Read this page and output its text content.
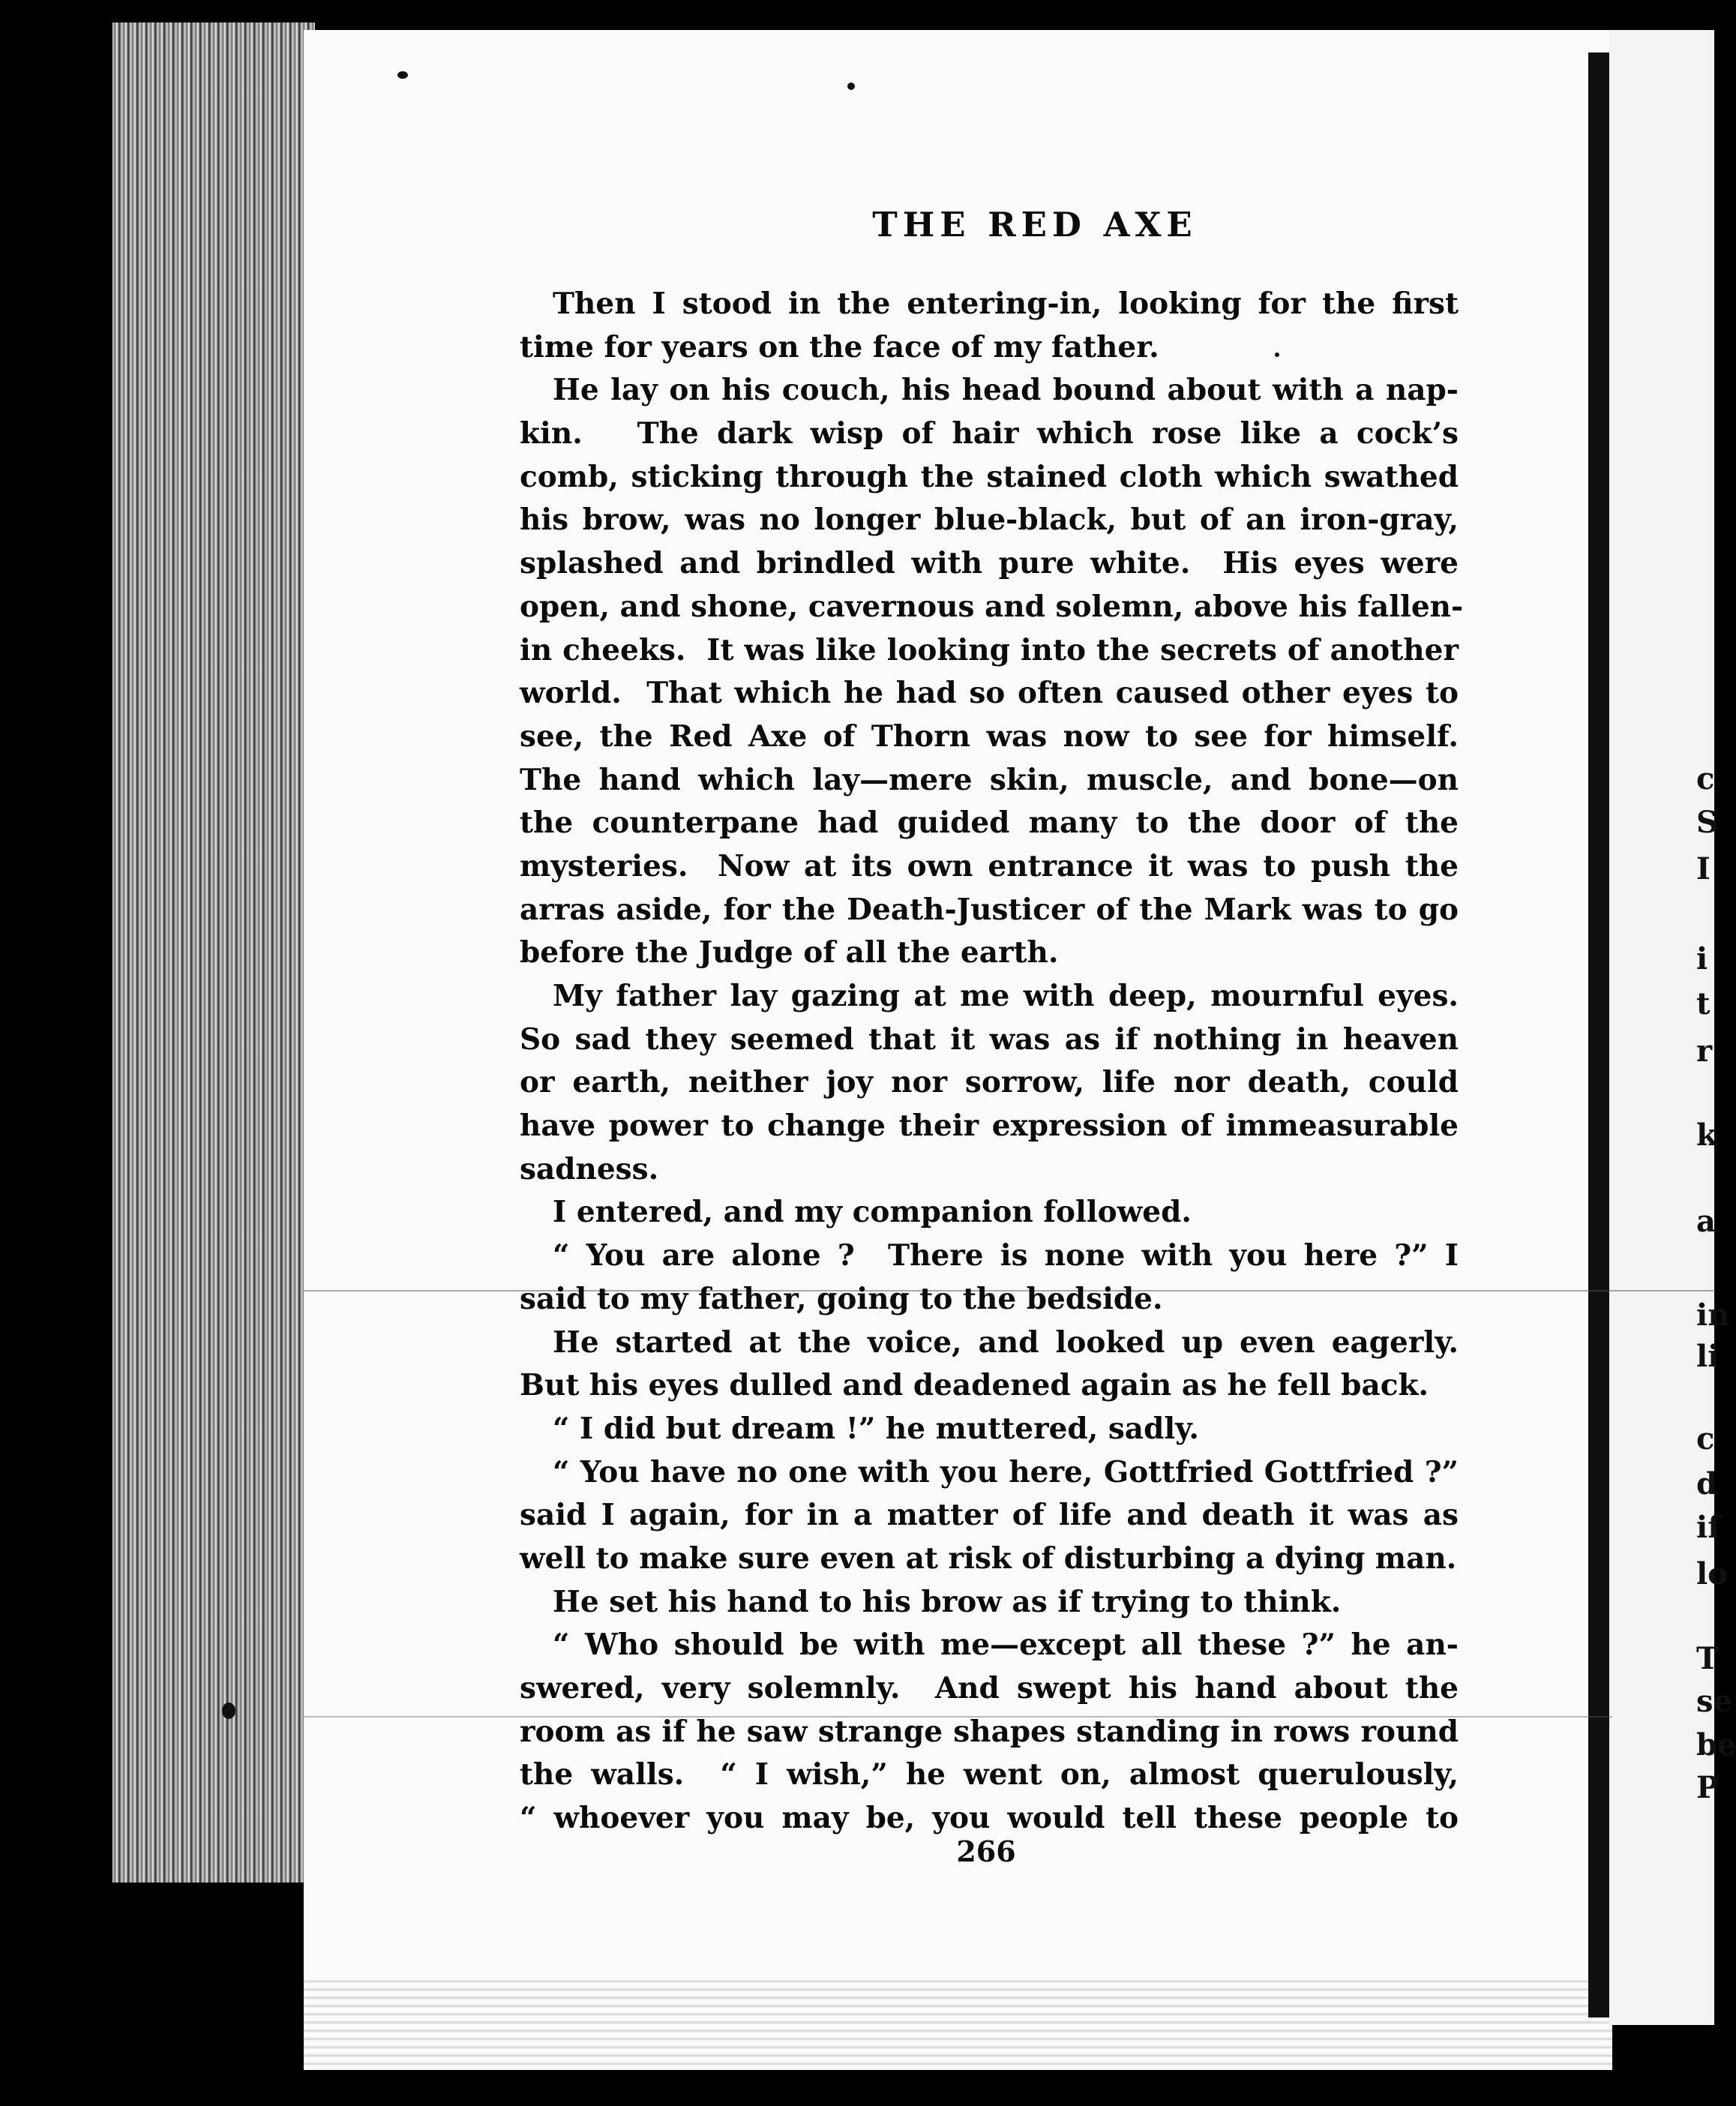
THE RED AXE
Then I stood in the entering-in, looking for the first
time for years on the face of my father.
He lay on his couch, his head bound about with a nap-
kin.   The dark wisp of hair which rose like a cock’s
comb, sticking through the stained cloth which swathed
his brow, was no longer blue-black, but of an iron-gray,
splashed and brindled with pure white.  His eyes were
open, and shone, cavernous and solemn, above his fallen-
in cheeks.  It was like looking into the secrets of another
world.  That which he had so often caused other eyes to
see, the Red Axe of Thorn was now to see for himself.
The hand which lay—mere skin, muscle, and bone—on
the counterpane had guided many to the door of the
mysteries.  Now at its own entrance it was to push the
arras aside, for the Death-Justicer of the Mark was to go
before the Judge of all the earth.
My father lay gazing at me with deep, mournful eyes.
So sad they seemed that it was as if nothing in heaven
or earth, neither joy nor sorrow, life nor death, could
have power to change their expression of immeasurable
sadness.
I entered, and my companion followed.
“ You are alone ?  There is none with you here ?” I
said to my father, going to the bedside.
He started at the voice, and looked up even eagerly.
But his eyes dulled and deadened again as he fell back.
“ I did but dream !” he muttered, sadly.
“ You have no one with you here, Gottfried Gottfried ?”
said I again, for in a matter of life and death it was as
well to make sure even at risk of disturbing a dying man.
He set his hand to his brow as if trying to think.
“ Who should be with me—except all these ?” he an-
swered, very solemnly.  And swept his hand about the
room as if he saw strange shapes standing in rows round
the walls.  “ I wish,” he went on, almost querulously,
“ whoever you may be, you would tell these people to
266
c
S
I
i
t
r
k
a
in
li
c
d
if
lo
T
se
be
P
